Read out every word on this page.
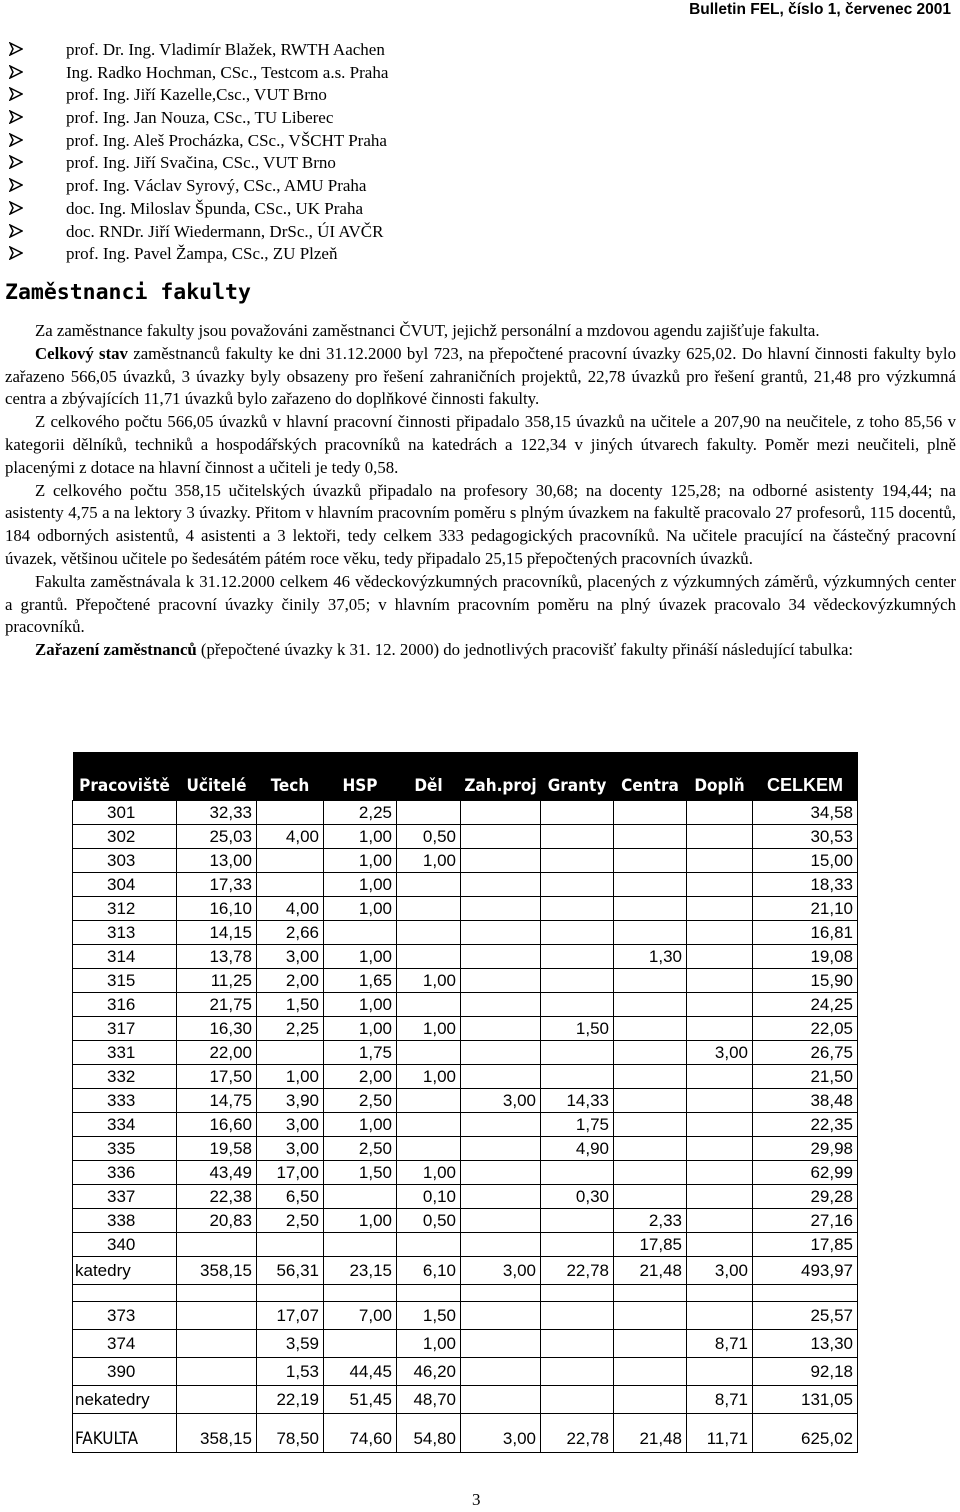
Bulletin FEL, číslo 1, červenec 2001
prof. Dr. Ing. Vladimír Blažek, RWTH Aachen
Ing. Radko Hochman, CSc., Testcom a.s. Praha
prof. Ing. Jiří Kazelle,Csc., VUT Brno
prof. Ing. Jan Nouza, CSc., TU Liberec
prof. Ing. Aleš Procházka, CSc., VŠCHT Praha
prof. Ing. Jiří Svačina, CSc., VUT Brno
prof. Ing. Václav Syrový, CSc., AMU Praha
doc. Ing. Miloslav Špunda, CSc., UK Praha
doc. RNDr. Jiří Wiedermann, DrSc., ÚI AVČR
prof. Ing. Pavel Žampa, CSc., ZU Plzeň
Zaměstnanci fakulty

Za zaměstnance fakulty jsou považováni zaměstnanci ČVUT, jejichž personální a mzdovou agendu zajišťuje fakulta.

Celkový stav zaměstnanců fakulty ke dni 31.12.2000 byl 723, na přepočtené pracovní úvazky 625,02. Do hlavní činnosti fakulty bylo zařazeno 566,05 úvazků, 3 úvazky byly obsazeny pro řešení zahraničních projektů, 22,78 úvazků pro řešení grantů, 21,48 pro výzkumná centra a zbývajících 11,71 úvazků bylo zařazeno do doplňkové činnosti fakulty.

Z celkového počtu 566,05 úvazků v hlavní pracovní činnosti připadalo 358,15 úvazků na učitele a 207,90 na neučitele, z toho 85,56 v kategorii dělníků, techniků a hospodářských pracovníků na katedrách a 122,34 v jiných útvarech fakulty. Poměr mezi neučiteli, plně placenými z dotace na hlavní činnost a učiteli je tedy 0,58.

Z celkového počtu 358,15 učitelských úvazků připadalo na profesory 30,68; na docenty 125,28; na odborné asistenty 194,44; na asistenty 4,75 a na lektory 3 úvazky. Přitom v hlavním pracovním poměru s plným úvazkem na fakultě pracovalo 27 profesorů, 115 docentů, 184 odborných asistentů, 4 asistenti a 3 lektoři, tedy celkem 333 pedagogických pracovníků. Na učitele pracující na částečný pracovní úvazek, většinou učitele po šedesátém pátém roce věku, tedy připadalo 25,15 přepočtených pracovních úvazků.

Fakulta zaměstnávala k 31.12.2000 celkem 46 vědeckovýzkumných pracovníků, placených z výzkumných záměrů, výzkumných center a grantů. Přepočtené pracovní úvazky činily 37,05; v hlavním pracovním poměru na plný úvazek pracovalo 34 vědeckovýzkumných pracovníků.

Zařazení zaměstnanců (přepočtené úvazky k 31. 12. 2000) do jednotlivých pracovišť fakulty přináší následující tabulka:

Pracoviště	Učitelé	Tech	HSP	Děl	Zah.proj	Granty	Centra	Doplň	CELKEM
301	32,33		2,25						34,58
302	25,03	4,00	1,00	0,50					30,53
303	13,00		1,00	1,00					15,00
304	17,33		1,00						18,33
312	16,10	4,00	1,00						21,10
313	14,15	2,66							16,81
314	13,78	3,00	1,00				1,30		19,08
315	11,25	2,00	1,65	1,00					15,90
316	21,75	1,50	1,00						24,25
317	16,30	2,25	1,00	1,00		1,50			22,05
331	22,00		1,75					3,00	26,75
332	17,50	1,00	2,00	1,00					21,50
333	14,75	3,90	2,50		3,00	14,33			38,48
334	16,60	3,00	1,00			1,75			22,35
335	19,58	3,00	2,50			4,90			29,98
336	43,49	17,00	1,50	1,00					62,99
337	22,38	6,50		0,10		0,30			29,28
338	20,83	2,50	1,00	0,50			2,33		27,16
340							17,85		17,85
katedry	358,15	56,31	23,15	6,10	3,00	22,78	21,48	3,00	493,97

373		17,07	7,00	1,50					25,57
374		3,59		1,00				8,71	13,30
390		1,53	44,45	46,20					92,18
nekatedry		22,19	51,45	48,70				8,71	131,05
FAKULTA	358,15	78,50	74,60	54,80	3,00	22,78	21,48	11,71	625,02
3
